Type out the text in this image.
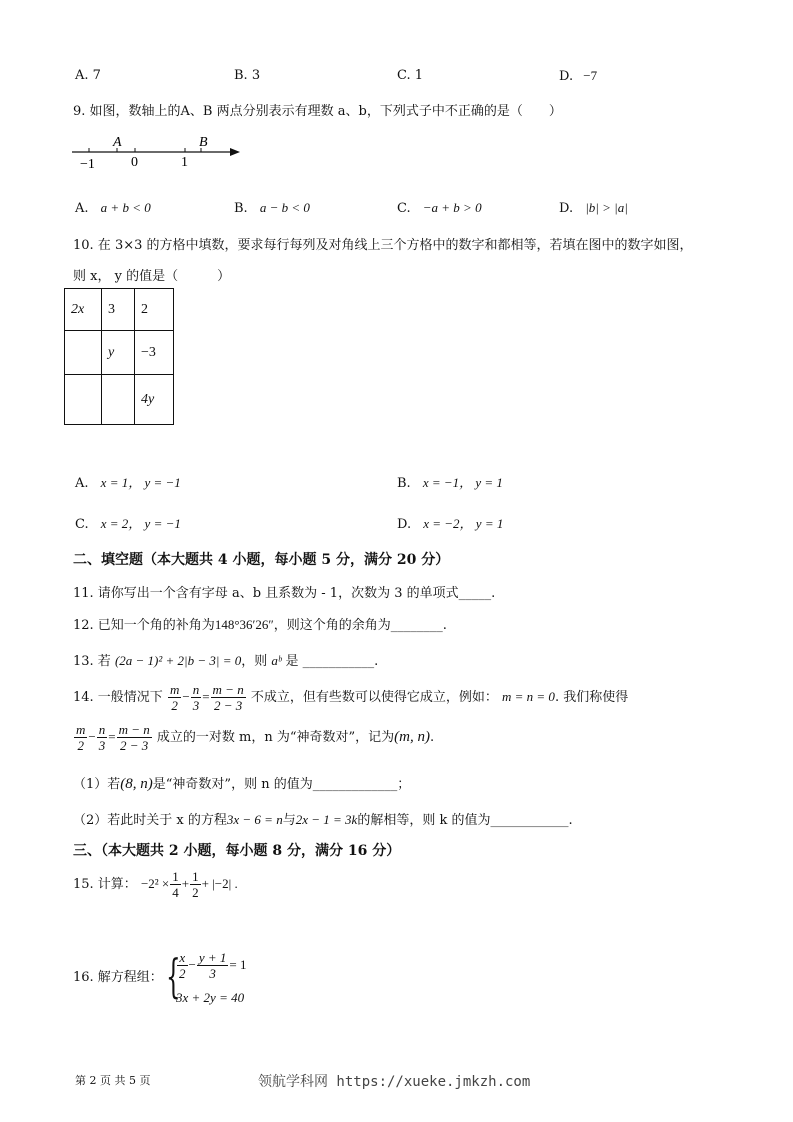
A. 7	B. 3	C. 1	D. −7
9. 如图，数轴上的A、B 两点分别表示有理数 a、b，下列式子中不正确的是（　　）
A	B
−1	0	1
A. a + b < 0	B. a − b < 0	C. −a + b > 0	D. |b| > |a|
10. 在 3×3 的方格中填数，要求每行每列及对角线上三个方格中的数字和都相等，若填在图中的数字如图，
则 x， y 的值是（　　　）
2x	3	2
	y	−3
		4y
A. x = 1， y = −1	B. x = −1， y = 1
C. x = 2， y = −1	D. x = −2， y = 1
二、填空题（本大题共 4 小题，每小题 5 分，满分 20 分）
11. 请你写出一个含有字母 a、b 且系数为 - 1，次数为 3 的单项式_____.
12. 已知一个角的补角为148°36′26″，则这个角的余角为________.
13. 若 (2a − 1)² + 2|b − 3| = 0，则 aᵇ 是 ___________.
14. 一般情况下 $\frac{m}{2} - \frac{n}{3} = \frac{m - n}{2 - 3}$ 不成立，但有些数可以使得它成立，例如： m = n = 0. 我们称使得
$\frac{m}{2} - \frac{n}{3} = \frac{m - n}{2 - 3}$ 成立的一对数 m，n 为“神奇数对”，记为(m, n).
（1）若(8, n)是“神奇数对”，则 n 的值为_____________；
（2）若此时关于 x 的方程3x − 6 = n与2x − 1 = 3k的解相等，则 k 的值为____________.
三、（本大题共 2 小题，每小题 8 分，满分 16 分）
15. 计算： $-2^2 \times \frac{1}{4} + \frac{1}{2} + |-2|$ .
16. 解方程组： {
$\frac{x}{2} - \frac{y + 1}{3} = 1$
3x + 2y = 40
第 2 页 共 5 页	领航学科网 https://xueke.jmkzh.com
